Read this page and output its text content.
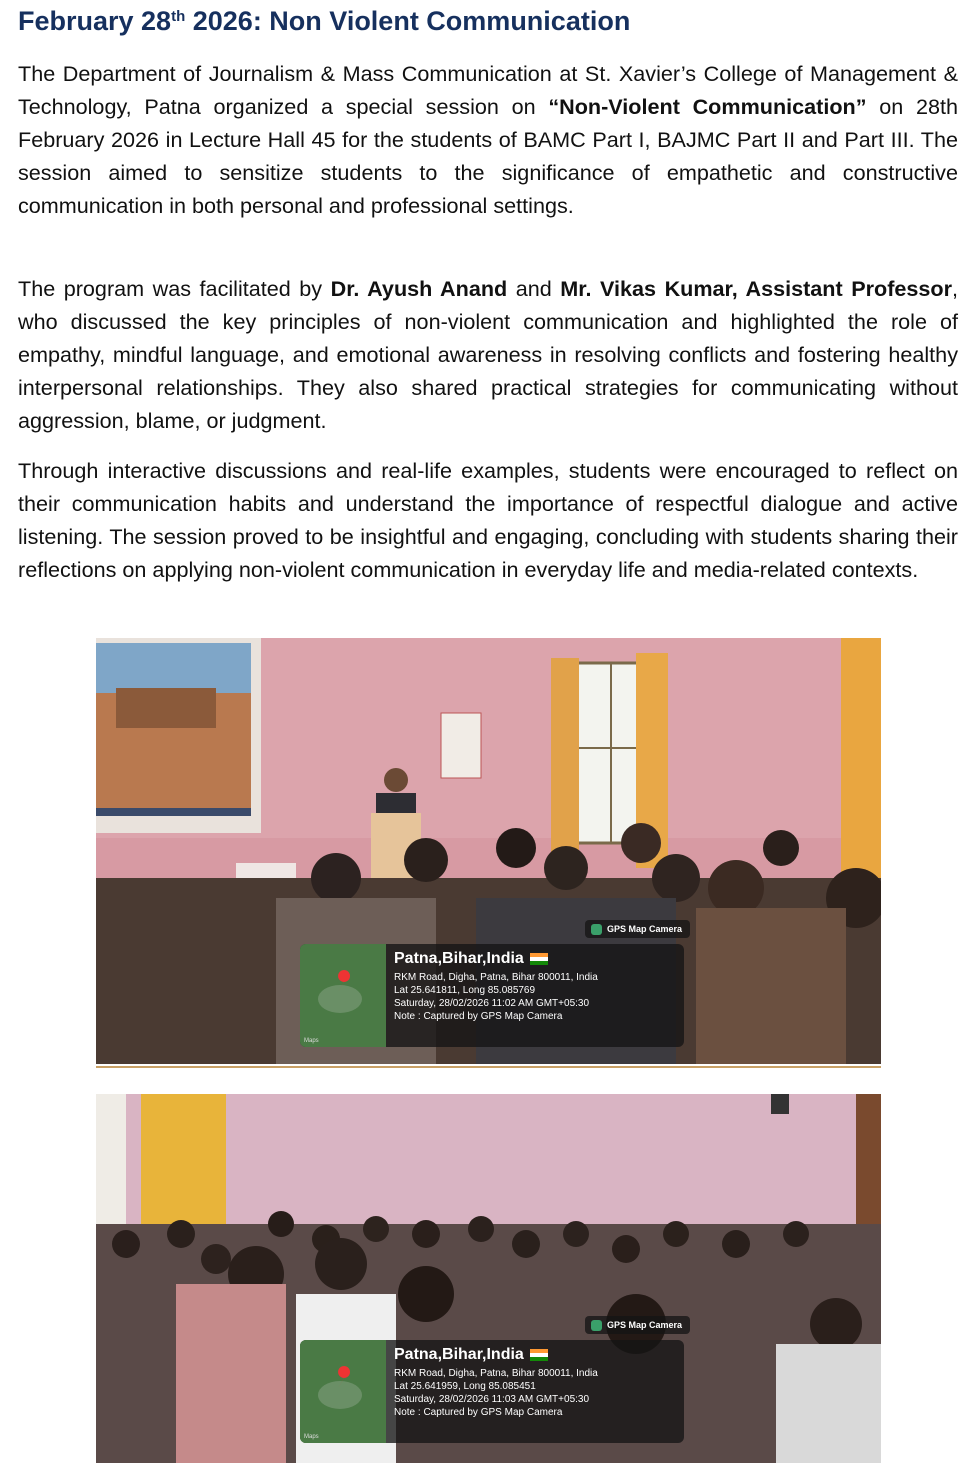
February 28th 2026: Non Violent Communication

The Department of Journalism & Mass Communication at St. Xavier’s College of Management & Technology, Patna organized a special session on “Non-Violent Communication” on 28th February 2026 in Lecture Hall 45 for the students of BAMC Part I, BAJMC Part II and Part III. The session aimed to sensitize students to the significance of empathetic and constructive communication in both personal and professional settings.

The program was facilitated by Dr. Ayush Anand and Mr. Vikas Kumar, Assistant Professor, who discussed the key principles of non-violent communication and highlighted the role of empathy, mindful language, and emotional awareness in resolving conflicts and fostering healthy interpersonal relationships. They also shared practical strategies for communicating without aggression, blame, or judgment.

Through interactive discussions and real-life examples, students were encouraged to reflect on their communication habits and understand the importance of respectful dialogue and active listening. The session proved to be insightful and engaging, concluding with students sharing their reflections on applying non-violent communication in everyday life and media-related contexts.

Maps
Patna,Bihar,India
RKM Road, Digha, Patna, Bihar 800011, India
Lat 25.641811, Long 85.085769
Saturday, 28/02/2026 11:02 AM GMT+05:30
Note : Captured by GPS Map Camera
GPS Map Camera
Maps
Patna,Bihar,India
RKM Road, Digha, Patna, Bihar 800011, India
Lat 25.641959, Long 85.085451
Saturday, 28/02/2026 11:03 AM GMT+05:30
Note : Captured by GPS Map Camera
GPS Map Camera
